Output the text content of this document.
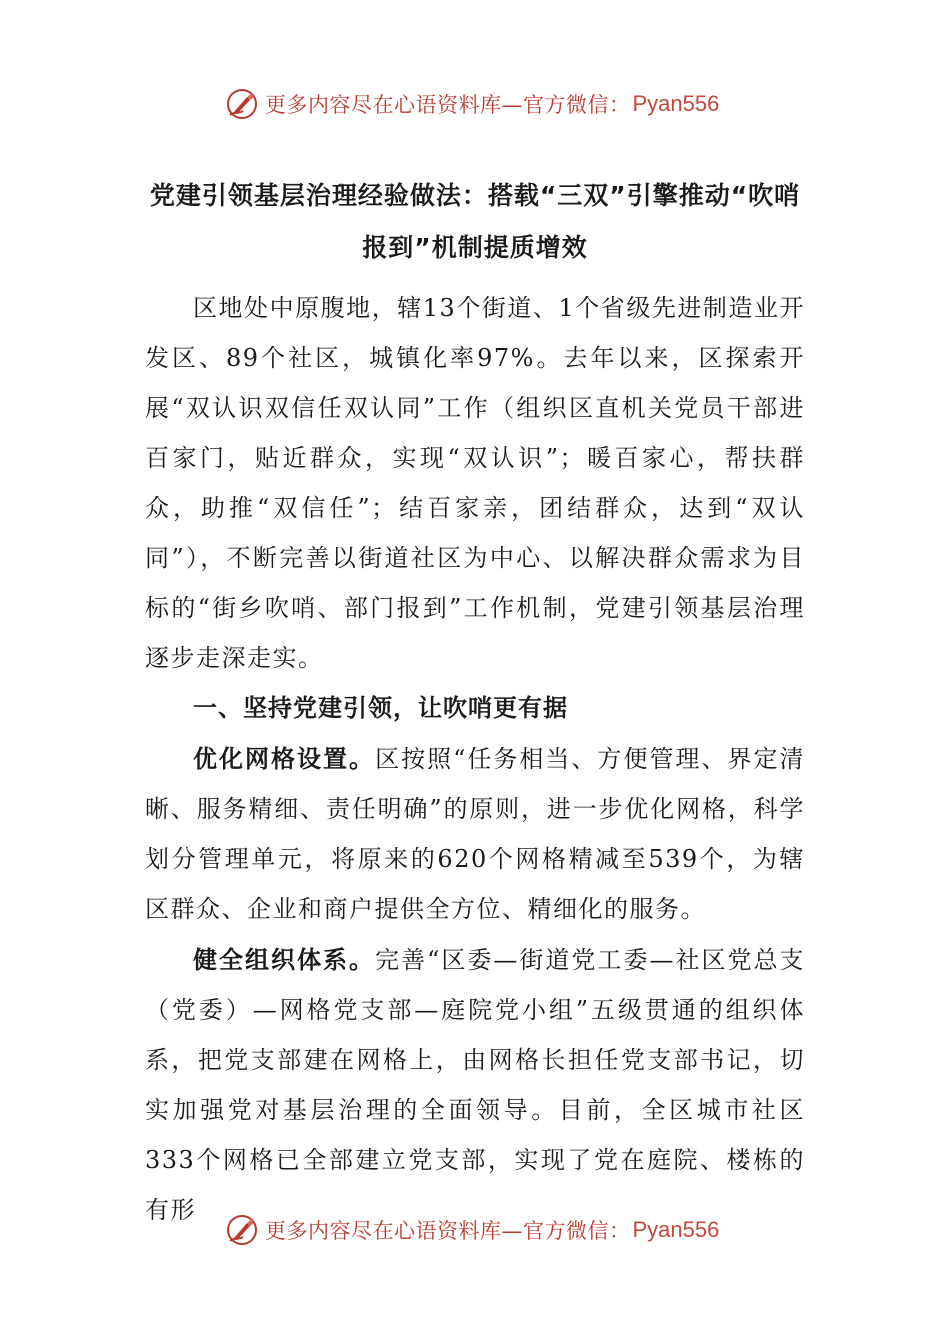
更多内容尽在心语资料库—官方微信： Pyan556
党建引领基层治理经验做法：搭载“三双”引擎推动“吹哨报到”机制提质增效

区地处中原腹地，辖13个街道、1个省级先进制造业开发区、89个社区，城镇化率97%。去年以来，区探索开展“双认识双信任双认同”工作（组织区直机关党员干部进百家门，贴近群众，实现“双认识”；暖百家心，帮扶群众，助推“双信任”；结百家亲，团结群众，达到“双认同”），不断完善以街道社区为中心、以解决群众需求为目标的“街乡吹哨、部门报到”工作机制，党建引领基层治理逐步走深走实。

一、坚持党建引领，让吹哨更有据

优化网格设置。区按照“任务相当、方便管理、界定清晰、服务精细、责任明确”的原则，进一步优化网格，科学划分管理单元，将原来的620个网格精减至539个，为辖区群众、企业和商户提供全方位、精细化的服务。

健全组织体系。完善“区委—街道党工委—社区党总支（党委）—网格党支部—庭院党小组”五级贯通的组织体系，把党支部建在网格上，由网格长担任党支部书记，切实加强党对基层治理的全面领导。目前，全区城市社区333个网格已全部建立党支部，实现了党在庭院、楼栋的有形

更多内容尽在心语资料库—官方微信： Pyan556
